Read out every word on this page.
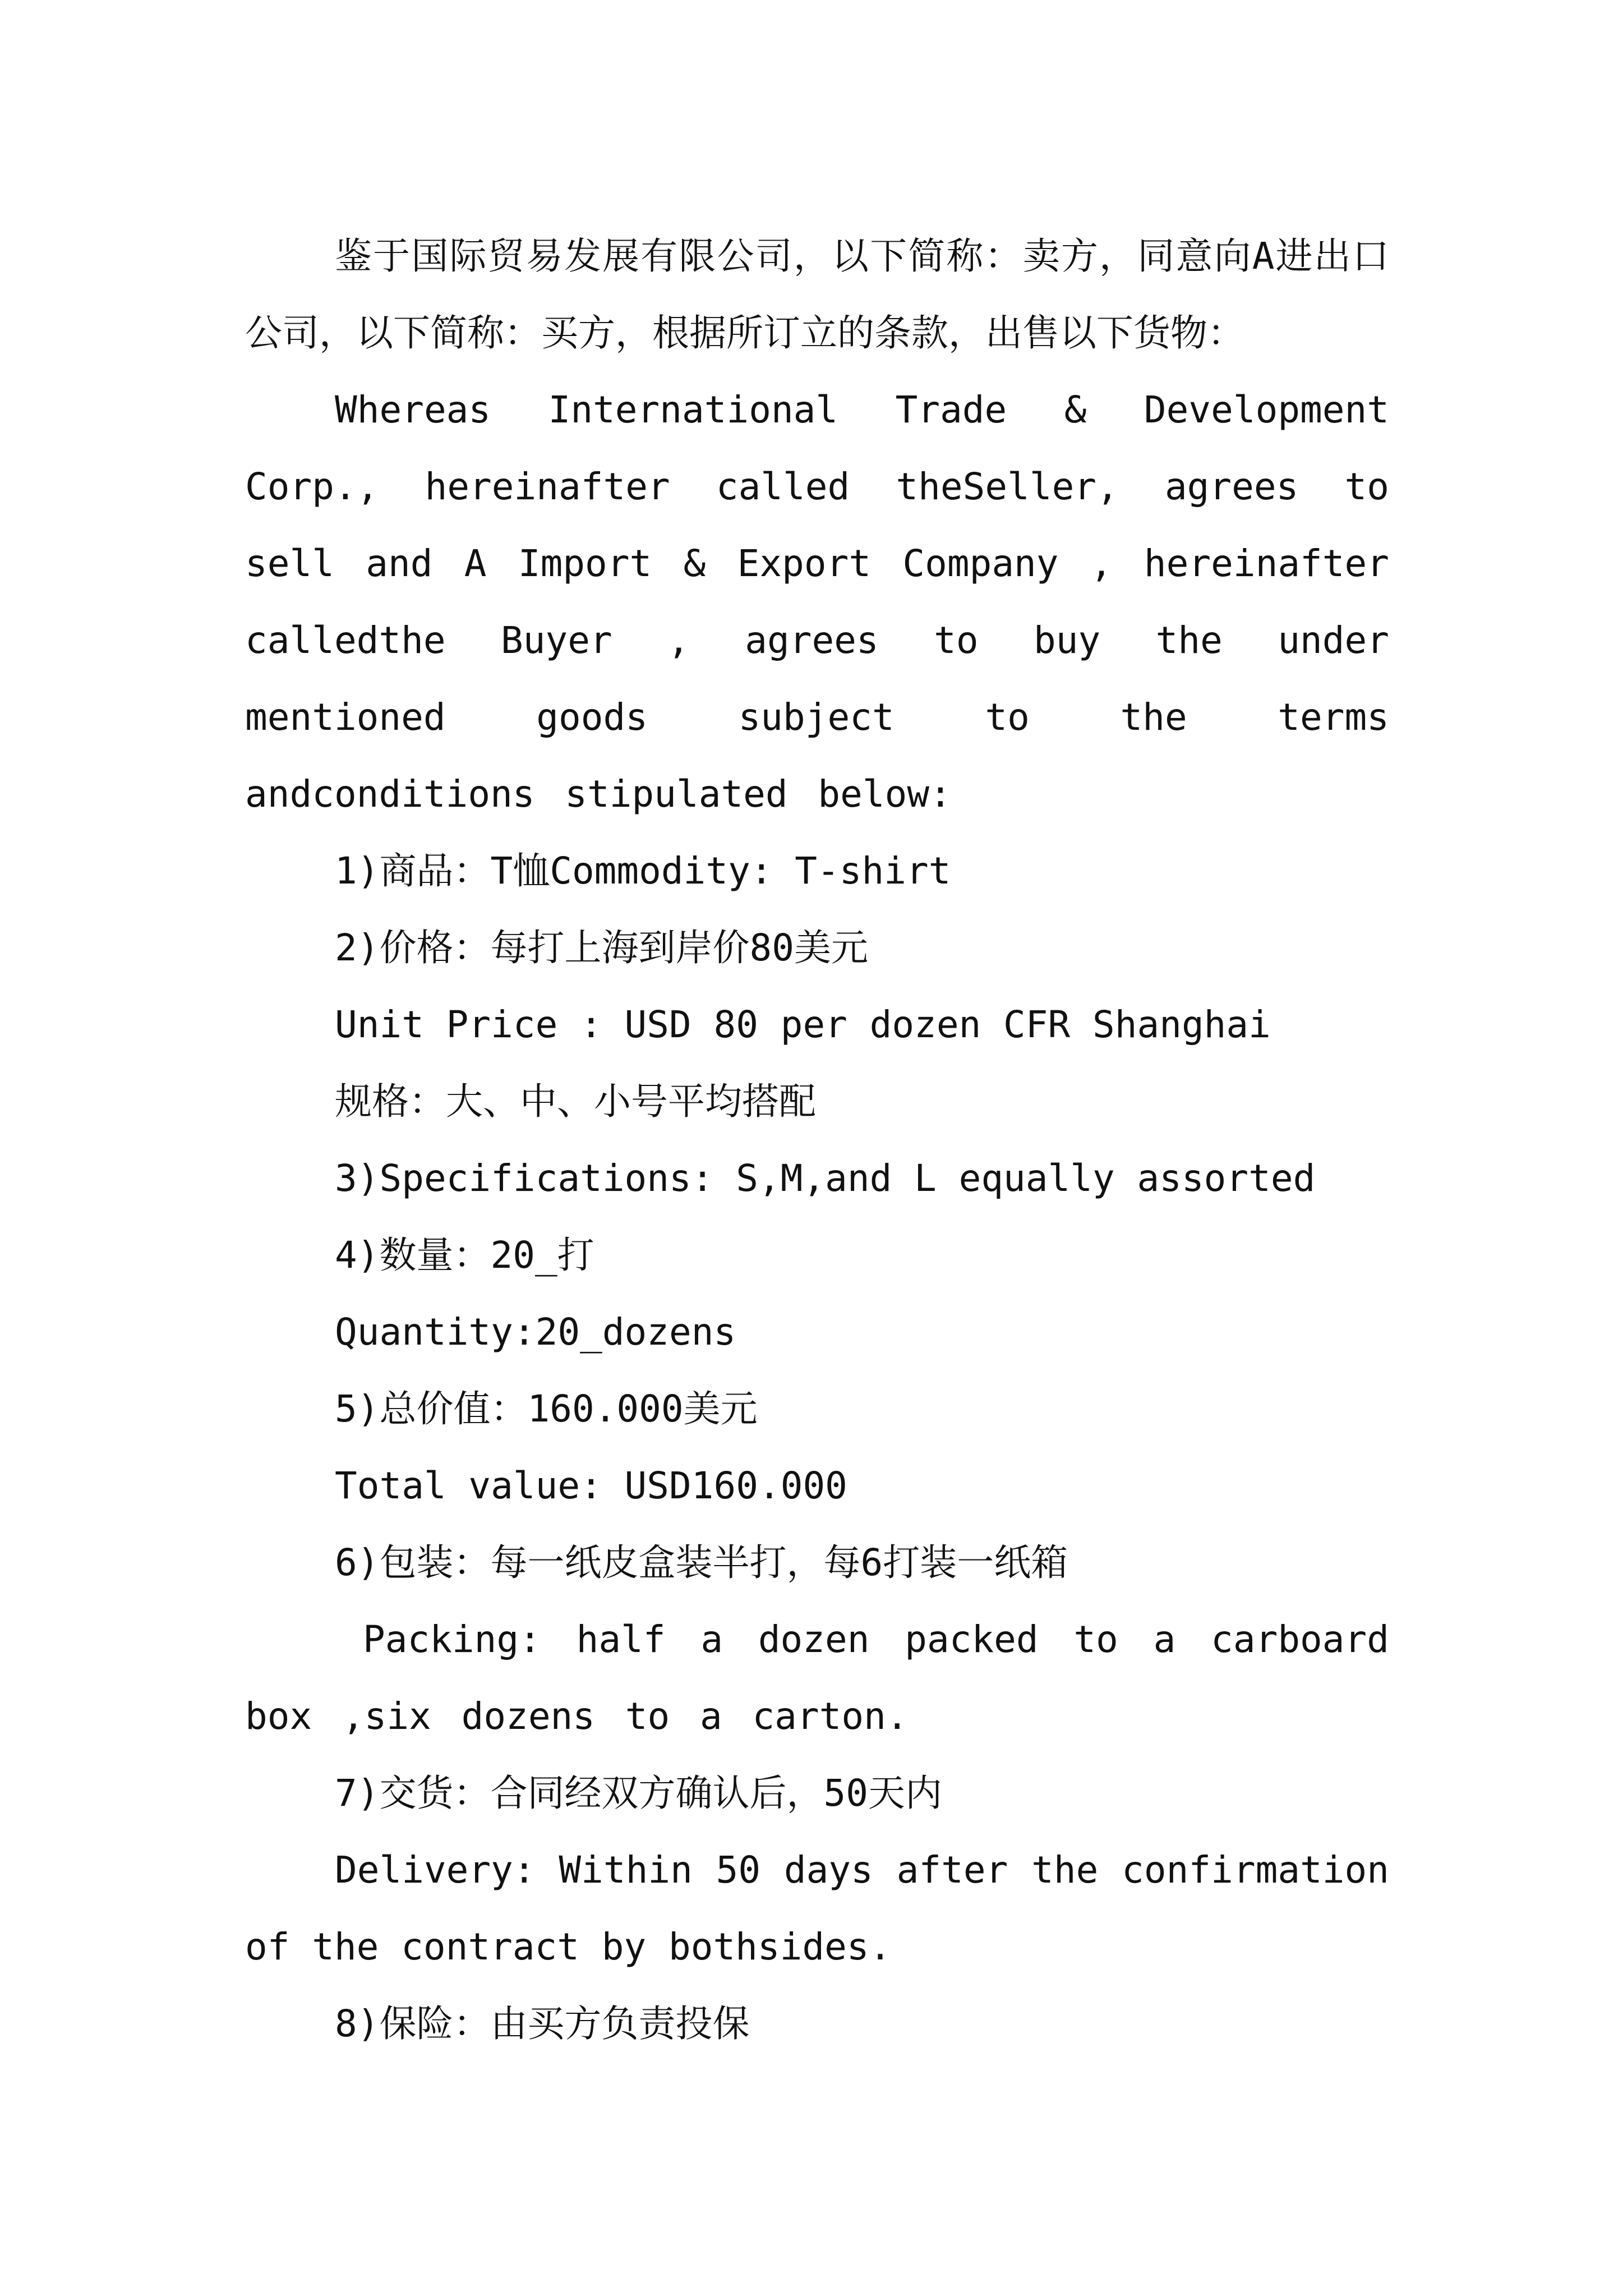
鉴于国际贸易发展有限公司，以下简称：卖方，同意向A进出口公司，以下简称：买方，根据所订立的条款，出售以下货物：

Whereas International Trade & Development Corp., hereinafter called theSeller, agrees to sell and A Import & Export Company , hereinafter calledthe Buyer , agrees to buy the under mentioned goods subject to the terms andconditions stipulated below:

1)商品：T恤Commodity: T-shirt

2)价格：每打上海到岸价80美元

Unit Price : USD 80 per dozen CFR Shanghai

规格：大、中、小号平均搭配

3)Specifications: S,M,and L equally assorted

4)数量：20_打

Quantity:20_dozens

5)总价值：160.000美元

Total value: USD160.000

6)包装：每一纸皮盒装半打，每6打装一纸箱

Packing: half a dozen packed to a carboard box ,six dozens to a carton.

7)交货：合同经双方确认后，50天内

Delivery: Within 50 days after the confirmation of the contract by bothsides.

8)保险：由买方负责投保
